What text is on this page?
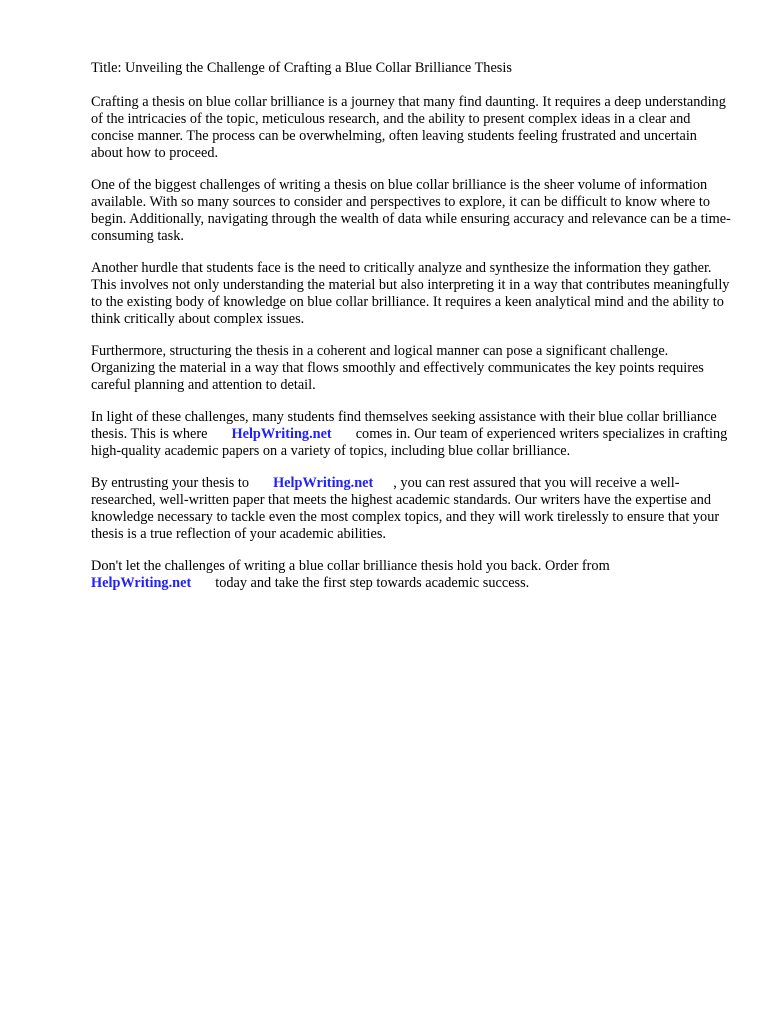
Title: Unveiling the Challenge of Crafting a Blue Collar Brilliance Thesis

Crafting a thesis on blue collar brilliance is a journey that many find daunting. It requires a deep understanding of the intricacies of the topic, meticulous research, and the ability to present complex ideas in a clear and concise manner. The process can be overwhelming, often leaving students feeling frustrated and uncertain about how to proceed.

One of the biggest challenges of writing a thesis on blue collar brilliance is the sheer volume of information available. With so many sources to consider and perspectives to explore, it can be difficult to know where to begin. Additionally, navigating through the wealth of data while ensuring accuracy and relevance can be a time-consuming task.

Another hurdle that students face is the need to critically analyze and synthesize the information they gather. This involves not only understanding the material but also interpreting it in a way that contributes meaningfully to the existing body of knowledge on blue collar brilliance. It requires a keen analytical mind and the ability to think critically about complex issues.

Furthermore, structuring the thesis in a coherent and logical manner can pose a significant challenge. Organizing the material in a way that flows smoothly and effectively communicates the key points requires careful planning and attention to detail.

In light of these challenges, many students find themselves seeking assistance with their blue collar brilliance thesis. This is where HelpWriting.net comes in. Our team of experienced writers specializes in crafting high-quality academic papers on a variety of topics, including blue collar brilliance.

By entrusting your thesis to HelpWriting.net , you can rest assured that you will receive a well-researched, well-written paper that meets the highest academic standards. Our writers have the expertise and knowledge necessary to tackle even the most complex topics, and they will work tirelessly to ensure that your thesis is a true reflection of your academic abilities.

Don't let the challenges of writing a blue collar brilliance thesis hold you back. Order from HelpWriting.net today and take the first step towards academic success.
